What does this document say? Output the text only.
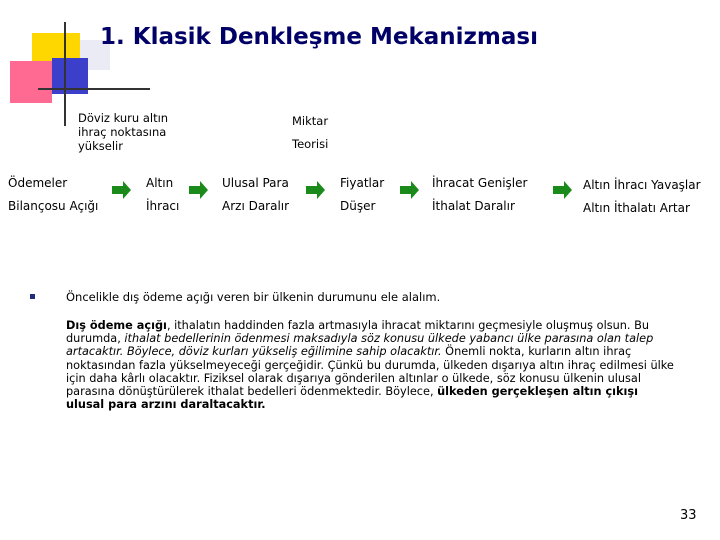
1. Klasik Denkleşme Mekanizması
Döviz kuru altın ihraç noktasına yükselir
Miktar
Teorisi
Ödemeler	Altın	Ulusal Para	Fiyatlar	İhracat Genişler	Altın İhracı Yavaşlar
Bilançosu Açığı	İhracı	Arzı Daralır	Düşer	İthalat Daralır	Altın İthalatı Artar
Öncelikle dış ödeme açığı veren bir ülkenin durumunu ele alalım.
Dış ödeme açığı, ithalatın haddinden fazla artmasıyla ihracat miktarını geçmesiyle oluşmuş olsun. Bu durumda, ithalat bedellerinin ödenmesi maksadıyla söz konusu ülkede yabancı ülke parasına olan talep artacaktır. Böylece, döviz kurları yükseliş eğilimine sahip olacaktır. Önemli nokta, kurların altın ihraç noktasından fazla yükselmeyeceği gerçeğidir. Çünkü bu durumda, ülkeden dışarıya altın ihraç edilmesi ülke için daha kârlı olacaktır. Fiziksel olarak dışarıya gönderilen altınlar o ülkede, söz konusu ülkenin ulusal parasına dönüştürülerek ithalat bedelleri ödenmektedir. Böylece, ülkeden gerçekleşen altın çıkışı ulusal para arzını daraltacaktır.
33
